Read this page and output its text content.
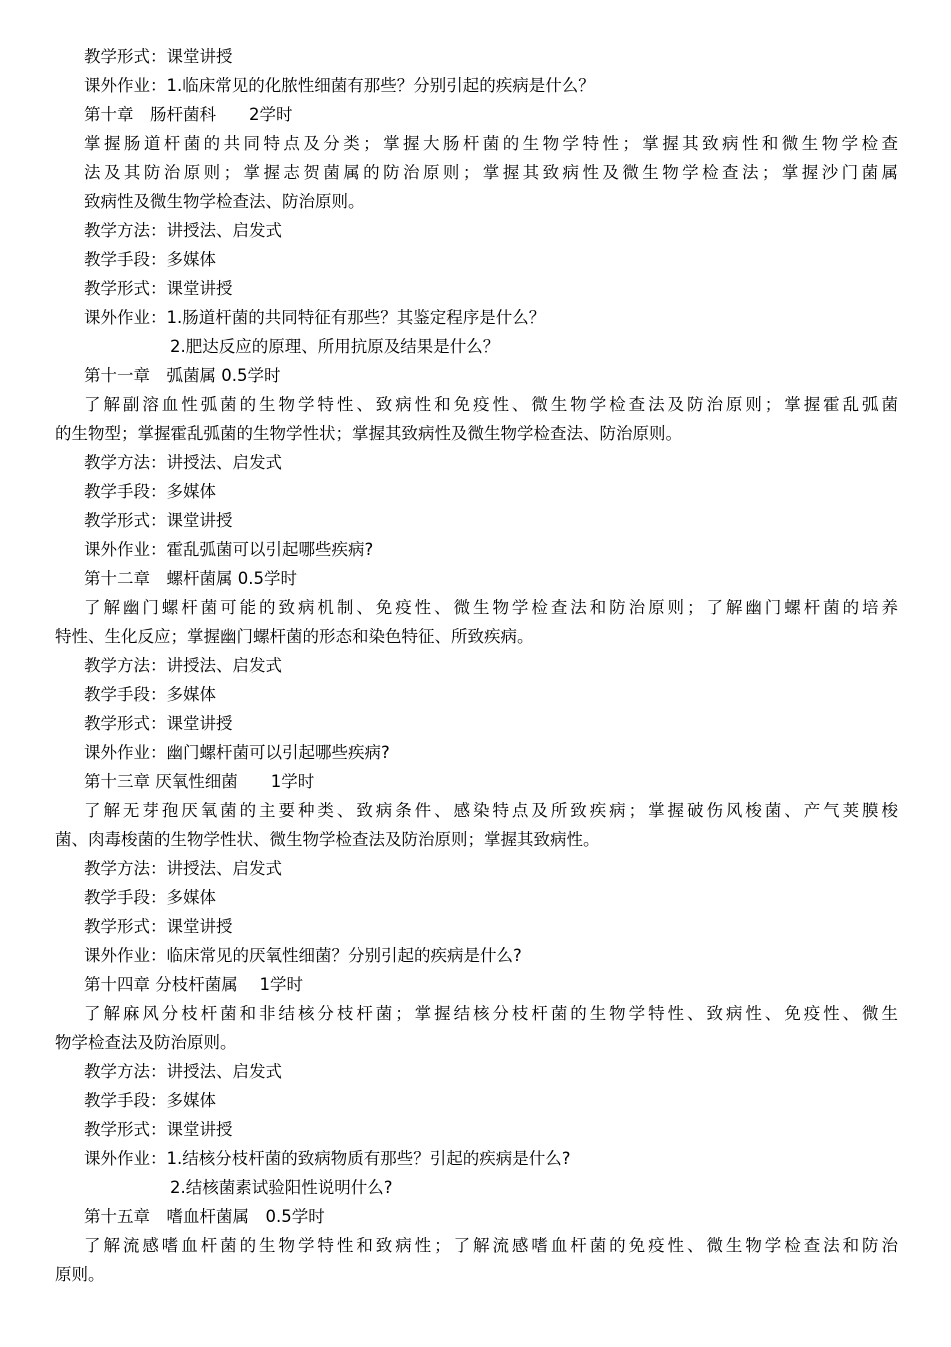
教学形式：课堂讲授
课外作业：1.临床常见的化脓性细菌有那些？分别引起的疾病是什么？
第十章　肠杆菌科　　2学时
掌握肠道杆菌的共同特点及分类；掌握大肠杆菌的生物学特性；掌握其致病性和微生物学检查
法及其防治原则；掌握志贺菌属的防治原则；掌握其致病性及微生物学检查法；掌握沙门菌属
致病性及微生物学检查法、防治原则。
教学方法：讲授法、启发式
教学手段：多媒体
教学形式：课堂讲授
课外作业：1.肠道杆菌的共同特征有那些？其鉴定程序是什么？
2.肥达反应的原理、所用抗原及结果是什么？
第十一章　弧菌属 0.5学时
了解副溶血性弧菌的生物学特性、致病性和免疫性、微生物学检查法及防治原则；掌握霍乱弧菌
的生物型；掌握霍乱弧菌的生物学性状；掌握其致病性及微生物学检查法、防治原则。
教学方法：讲授法、启发式
教学手段：多媒体
教学形式：课堂讲授
课外作业：霍乱弧菌可以引起哪些疾病?
第十二章　螺杆菌属 0.5学时
了解幽门螺杆菌可能的致病机制、免疫性、微生物学检查法和防治原则；了解幽门螺杆菌的培养
特性、生化反应；掌握幽门螺杆菌的形态和染色特征、所致疾病。
教学方法：讲授法、启发式
教学手段：多媒体
教学形式：课堂讲授
课外作业：幽门螺杆菌可以引起哪些疾病?
第十三章 厌氧性细菌　　1学时
了解无芽孢厌氧菌的主要种类、致病条件、感染特点及所致疾病；掌握破伤风梭菌、产气荚膜梭
菌、肉毒梭菌的生物学性状、微生物学检查法及防治原则；掌握其致病性。
教学方法：讲授法、启发式
教学手段：多媒体
教学形式：课堂讲授
课外作业：临床常见的厌氧性细菌？分别引起的疾病是什么?
第十四章 分枝杆菌属　 1学时
了解麻风分枝杆菌和非结核分枝杆菌；掌握结核分枝杆菌的生物学特性、致病性、免疫性、微生
物学检查法及防治原则。
教学方法：讲授法、启发式
教学手段：多媒体
教学形式：课堂讲授
课外作业：1.结核分枝杆菌的致病物质有那些？引起的疾病是什么?
2.结核菌素试验阳性说明什么?
第十五章　嗜血杆菌属　0.5学时
了解流感嗜血杆菌的生物学特性和致病性；了解流感嗜血杆菌的免疫性、微生物学检查法和防治
原则。
